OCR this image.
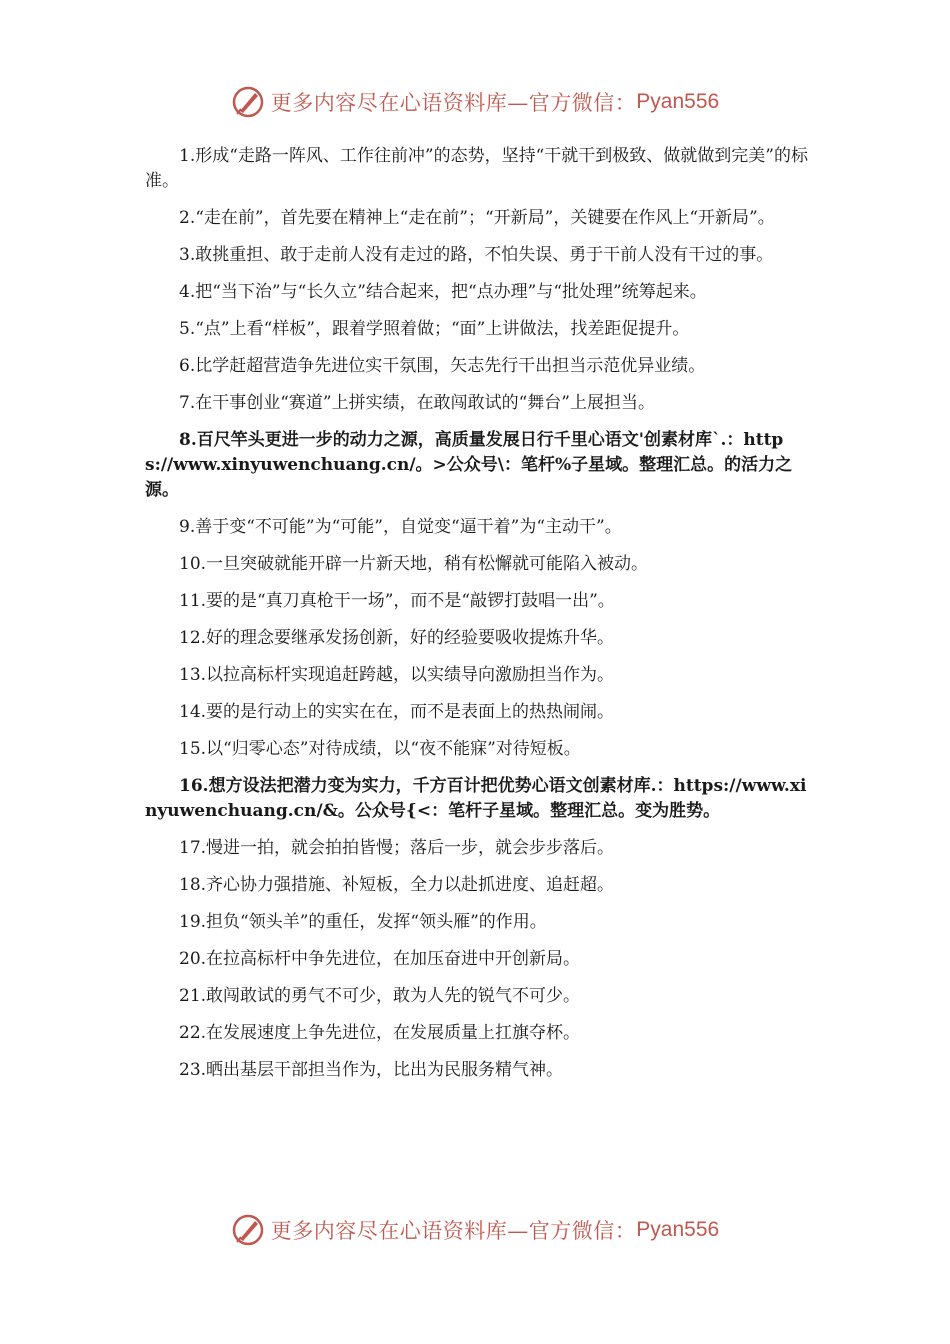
更多内容尽在心语资料库—官方微信： Pyan556

1.形成“走路一阵风、工作往前冲”的态势，坚持“干就干到极致、做就做到完美”的标准。

2.“走在前”，首先要在精神上“走在前”；“开新局”，关键要在作风上“开新局”。

3.敢挑重担、敢于走前人没有走过的路，不怕失误、勇于干前人没有干过的事。

4.把“当下治”与“长久立”结合起来，把“点办理”与“批处理”统筹起来。

5.“点”上看“样板”，跟着学照着做；“面”上讲做法，找差距促提升。

6.比学赶超营造争先进位实干氛围，矢志先行干出担当示范优异业绩。

7.在干事创业“赛道”上拼实绩，在敢闯敢试的“舞台”上展担当。

8.百尺竿头更进一步的动力之源，高质量发展日行千里心语文'创素材库`.：https://www.xinyuwenchuang.cn/。>公众号\：笔杆%子星域。整理汇总。的活力之源。

9.善于变“不可能”为“可能”，自觉变“逼干着”为“主动干”。

10.一旦突破就能开辟一片新天地，稍有松懈就可能陷入被动。

11.要的是“真刀真枪干一场”，而不是“敲锣打鼓唱一出”。

12.好的理念要继承发扬创新，好的经验要吸收提炼升华。

13.以拉高标杆实现追赶跨越，以实绩导向激励担当作为。

14.要的是行动上的实实在在，而不是表面上的热热闹闹。

15.以“归零心态”对待成绩，以“夜不能寐”对待短板。

16.想方设法把潜力变为实力，千方百计把优势心语文创素材库.：https://www.xinyuwenchuang.cn/&。公众号{<：笔杆子星域。整理汇总。变为胜势。

17.慢进一拍，就会拍拍皆慢；落后一步，就会步步落后。

18.齐心协力强措施、补短板，全力以赴抓进度、追赶超。

19.担负“领头羊”的重任，发挥“领头雁”的作用。

20.在拉高标杆中争先进位，在加压奋进中开创新局。

21.敢闯敢试的勇气不可少，敢为人先的锐气不可少。

22.在发展速度上争先进位，在发展质量上扛旗夺杯。

23.晒出基层干部担当作为，比出为民服务精气神。

更多内容尽在心语资料库—官方微信： Pyan556
